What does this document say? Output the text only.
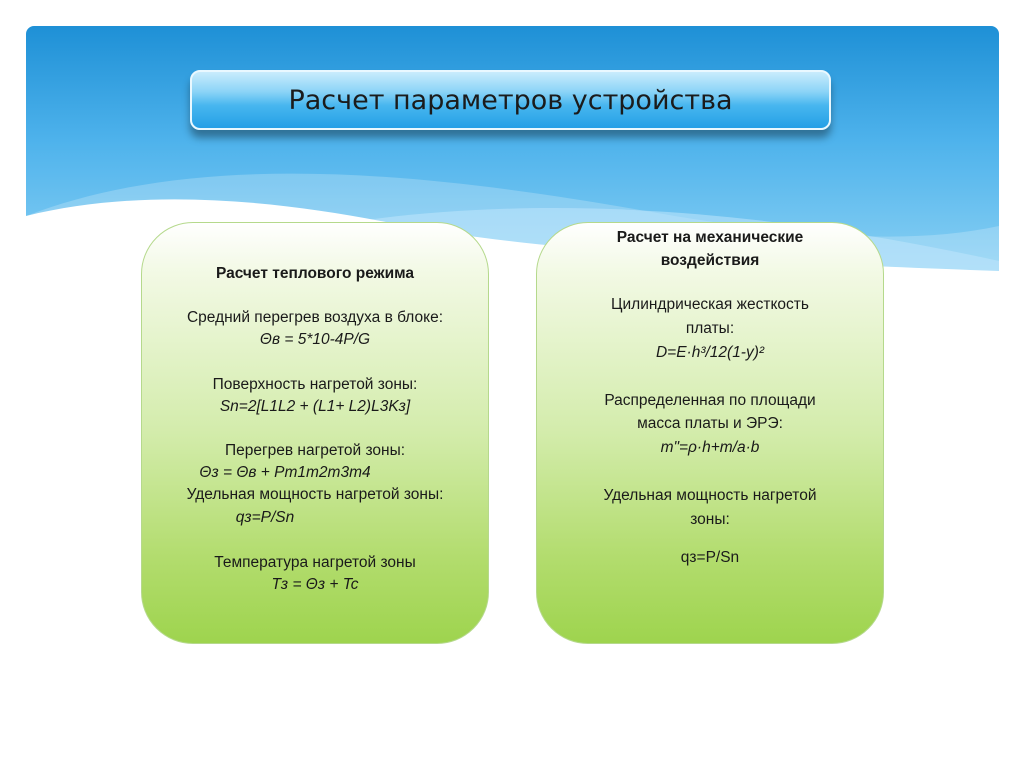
Расчет параметров устройства
Расчет теплового режима
Средний перегрев воздуха в блоке:
Θв = 5*10-4P/G
Поверхность нагретой зоны:
Sn=2[L1L2 + (L1+ L2)L3Kз]
Перегрев нагретой зоны:
Θз = Θв + Pm1m2m3m4
Удельная мощность нагретой зоны:
qз=P/Sn
Температура нагретой зоны
Tз = Θз + Tc
Расчет на механические
воздействия
Цилиндрическая жесткость
платы:
D=E·h³/12(1-y)²
Распределенная по площади
масса платы и ЭРЭ:
m"=ρ·h+m/a·b
Удельная мощность нагретой
зоны:
qз=P/Sn
